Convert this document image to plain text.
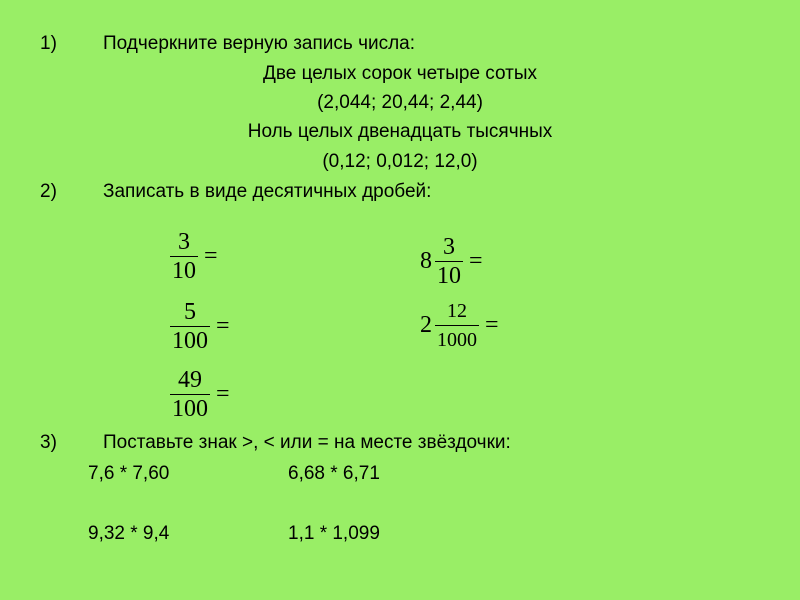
1) Подчеркните верную запись числа:
Две целых сорок четыре сотых
(2,044; 20,44; 2,44)
Ноль целых двенадцать тысячных
(0,12; 0,012; 12,0)
2) Записать в виде десятичных дробей:
$\frac{3}{10}$ =
$\frac{5}{100}$ =
$\frac{49}{100}$ =
$8 \frac{3}{10}$ =
$2 \frac{12}{1000}$ =
3) Поставьте знак >, < или = на месте звёздочки:
7,6 * 7,60	6,68 * 6,71
9,32 * 9,4	1,1 * 1,099
